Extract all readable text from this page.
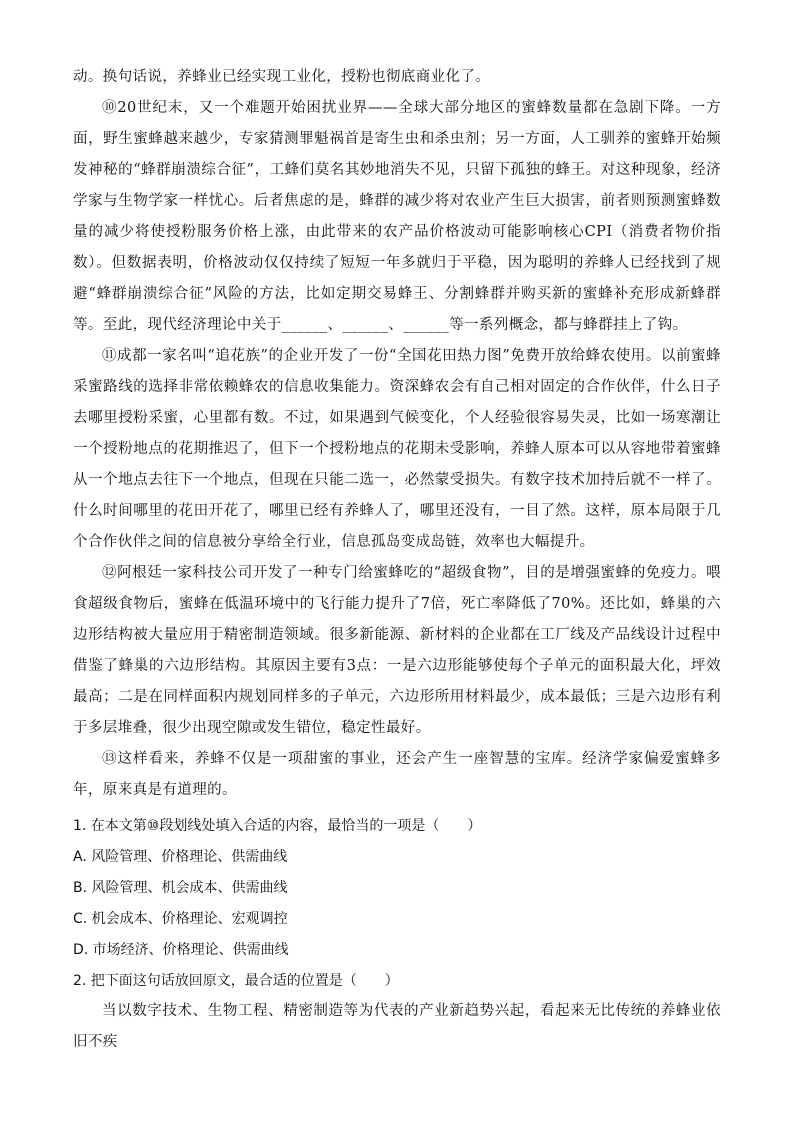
动。换句话说，养蜂业已经实现工业化，授粉也彻底商业化了。

⑩20世纪末，又一个难题开始困扰业界——全球大部分地区的蜜蜂数量都在急剧下降。一方面，野生蜜蜂越来越少，专家猜测罪魁祸首是寄生虫和杀虫剂；另一方面，人工驯养的蜜蜂开始频发神秘的“蜂群崩溃综合征”，工蜂们莫名其妙地消失不见，只留下孤独的蜂王。对这种现象，经济学家与生物学家一样忧心。后者焦虑的是，蜂群的减少将对农业产生巨大损害，前者则预测蜜蜂数量的减少将使授粉服务价格上涨，由此带来的农产品价格波动可能影响核心CPI（消费者物价指数）。但数据表明，价格波动仅仅持续了短短一年多就归于平稳，因为聪明的养蜂人已经找到了规避“蜂群崩溃综合征”风险的方法，比如定期交易蜂王、分割蜂群并购买新的蜜蜂补充形成新蜂群等。至此，现代经济理论中关于______、______、______等一系列概念，都与蜂群挂上了钩。

⑪成都一家名叫“追花族”的企业开发了一份“全国花田热力图”免费开放给蜂农使用。以前蜜蜂采蜜路线的选择非常依赖蜂农的信息收集能力。资深蜂农会有自己相对固定的合作伙伴，什么日子去哪里授粉采蜜，心里都有数。不过，如果遇到气候变化，个人经验很容易失灵，比如一场寒潮让一个授粉地点的花期推迟了，但下一个授粉地点的花期未受影响，养蜂人原本可以从容地带着蜜蜂从一个地点去往下一个地点，但现在只能二选一，必然蒙受损失。有数字技术加持后就不一样了。什么时间哪里的花田开花了，哪里已经有养蜂人了，哪里还没有，一目了然。这样，原本局限于几个合作伙伴之间的信息被分享给全行业，信息孤岛变成岛链，效率也大幅提升。

⑫阿根廷一家科技公司开发了一种专门给蜜蜂吃的“超级食物”，目的是增强蜜蜂的免疫力。喂食超级食物后，蜜蜂在低温环境中的飞行能力提升了7倍，死亡率降低了70%。还比如，蜂巢的六边形结构被大量应用于精密制造领域。很多新能源、新材料的企业都在工厂线及产品线设计过程中借鉴了蜂巢的六边形结构。其原因主要有3点：一是六边形能够使每个子单元的面积最大化，坪效最高；二是在同样面积内规划同样多的子单元，六边形所用材料最少，成本最低；三是六边形有利于多层堆叠，很少出现空隙或发生错位，稳定性最好。

⑬这样看来，养蜂不仅是一项甜蜜的事业，还会产生一座智慧的宝库。经济学家偏爱蜜蜂多年，原来真是有道理的。

1. 在本文第⑩段划线处填入合适的内容，最恰当的一项是（　　）

A. 风险管理、价格理论、供需曲线

B. 风险管理、机会成本、供需曲线

C. 机会成本、价格理论、宏观调控

D. 市场经济、价格理论、供需曲线

2. 把下面这句话放回原文，最合适的位置是（　　）

当以数字技术、生物工程、精密制造等为代表的产业新趋势兴起，看起来无比传统的养蜂业依旧不疾
